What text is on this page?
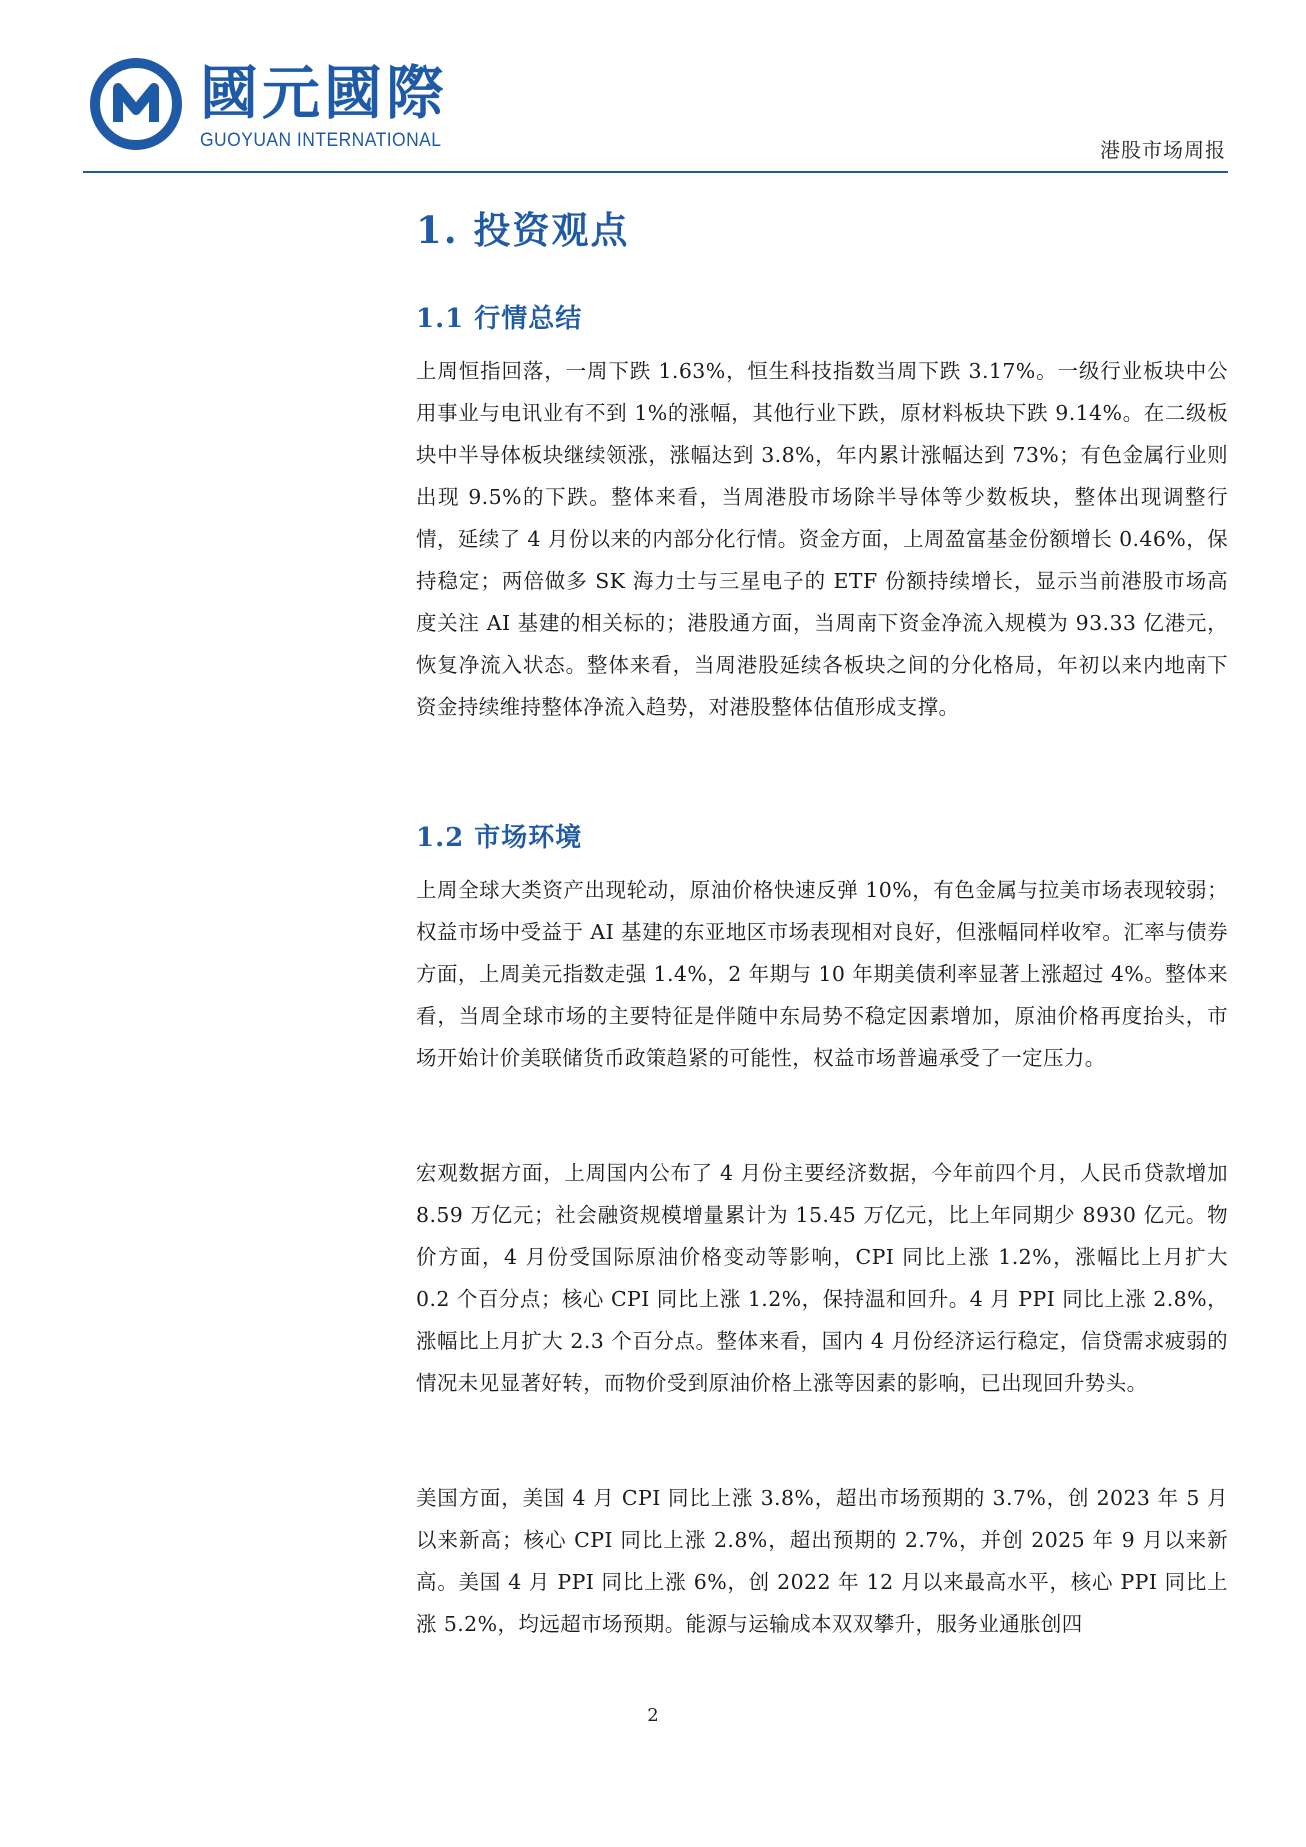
國元國際
GUOYUAN INTERNATIONAL	港股市场周报
1. 投资观点
1.1 行情总结

上周恒指回落，一周下跌 1.63%，恒生科技指数当周下跌 3.17%。一级行业板块中公用事业与电讯业有不到 1%的涨幅，其他行业下跌，原材料板块下跌 9.14%。在二级板块中半导体板块继续领涨，涨幅达到 3.8%，年内累计涨幅达到 73%；有色金属行业则出现 9.5%的下跌。整体来看，当周港股市场除半导体等少数板块，整体出现调整行情，延续了 4 月份以来的内部分化行情。资金方面，上周盈富基金份额增长 0.46%，保持稳定；两倍做多 SK 海力士与三星电子的 ETF 份额持续增长，显示当前港股市场高度关注 AI 基建的相关标的；港股通方面，当周南下资金净流入规模为 93.33 亿港元，恢复净流入状态。整体来看，当周港股延续各板块之间的分化格局，年初以来内地南下资金持续维持整体净流入趋势，对港股整体估值形成支撑。

1.2 市场环境

上周全球大类资产出现轮动，原油价格快速反弹 10%，有色金属与拉美市场表现较弱；权益市场中受益于 AI 基建的东亚地区市场表现相对良好，但涨幅同样收窄。汇率与债券方面，上周美元指数走强 1.4%，2 年期与 10 年期美债利率显著上涨超过 4%。整体来看，当周全球市场的主要特征是伴随中东局势不稳定因素增加，原油价格再度抬头，市场开始计价美联储货币政策趋紧的可能性，权益市场普遍承受了一定压力。

宏观数据方面，上周国内公布了 4 月份主要经济数据，今年前四个月，人民币贷款增加 8.59 万亿元；社会融资规模增量累计为 15.45 万亿元，比上年同期少 8930 亿元。物价方面，4 月份受国际原油价格变动等影响，CPI 同比上涨 1.2%，涨幅比上月扩大 0.2 个百分点；核心 CPI 同比上涨 1.2%，保持温和回升。4 月 PPI 同比上涨 2.8%，涨幅比上月扩大 2.3 个百分点。整体来看，国内 4 月份经济运行稳定，信贷需求疲弱的情况未见显著好转，而物价受到原油价格上涨等因素的影响，已出现回升势头。

美国方面，美国 4 月 CPI 同比上涨 3.8%，超出市场预期的 3.7%，创 2023 年 5 月以来新高；核心 CPI 同比上涨 2.8%，超出预期的 2.7%，并创 2025 年 9 月以来新高。美国 4 月 PPI 同比上涨 6%，创 2022 年 12 月以来最高水平，核心 PPI 同比上涨 5.2%，均远超市场预期。能源与运输成本双双攀升，服务业通胀创四

2
